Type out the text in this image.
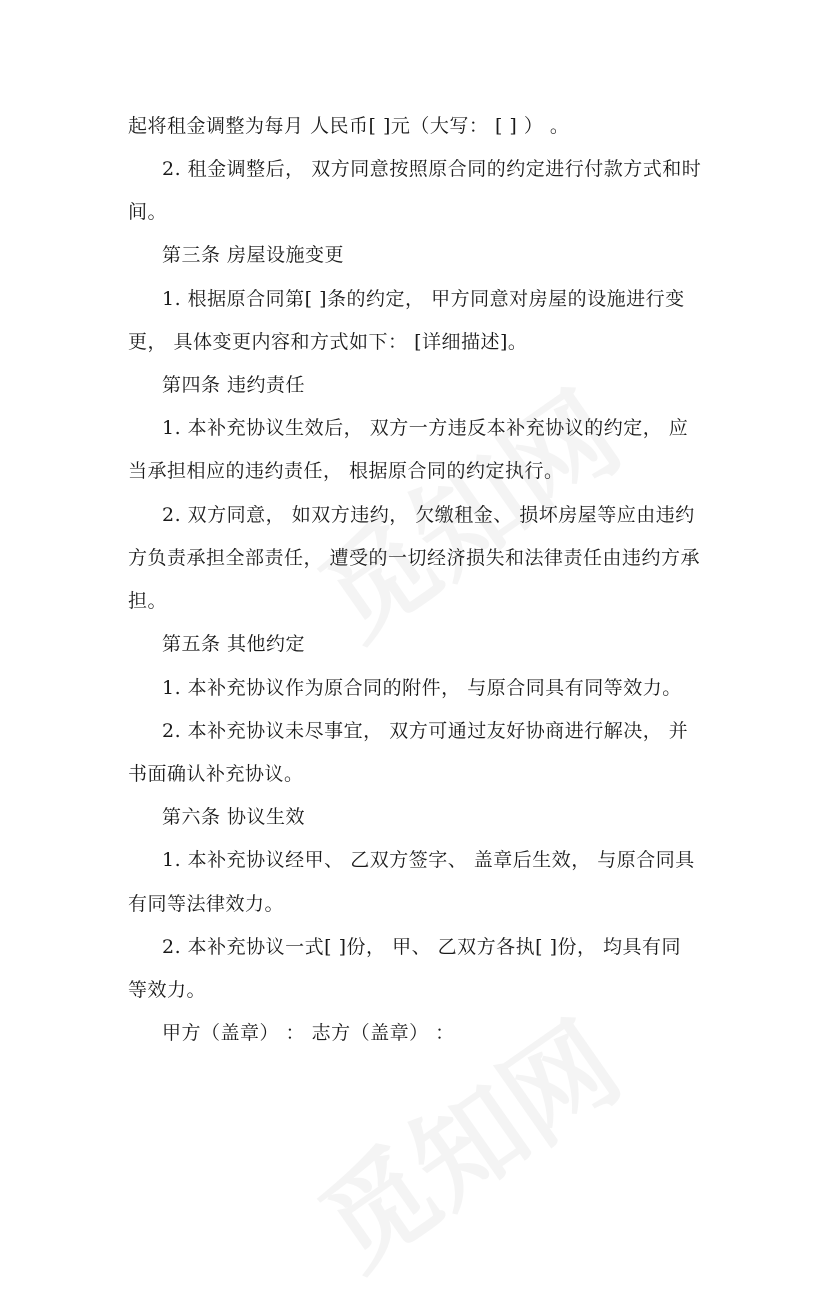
起将租金调整为每月 人民币[ ]元（大写： [ ] ） 。
2. 租金调整后， 双方同意按照原合同的约定进行付款方式和时
间。
第三条 房屋设施变更
1. 根据原合同第[ ]条的约定， 甲方同意对房屋的设施进行变
更， 具体变更内容和方式如下： [详细描述]。
第四条 违约责任
1. 本补充协议生效后， 双方一方违反本补充协议的约定， 应
当承担相应的违约责任， 根据原合同的约定执行。
2. 双方同意， 如双方违约， 欠缴租金、 损坏房屋等应由违约
方负责承担全部责任， 遭受的一切经济损失和法律责任由违约方承
担。
第五条 其他约定
1. 本补充协议作为原合同的附件， 与原合同具有同等效力。
2. 本补充协议未尽事宜， 双方可通过友好协商进行解决， 并
书面确认补充协议。
第六条 协议生效
1. 本补充协议经甲、 乙双方签字、 盖章后生效， 与原合同具
有同等法律效力。
2. 本补充协议一式[ ]份， 甲、 乙双方各执[ ]份， 均具有同
等效力。
甲方（盖章） ： 志方（盖章） ：
